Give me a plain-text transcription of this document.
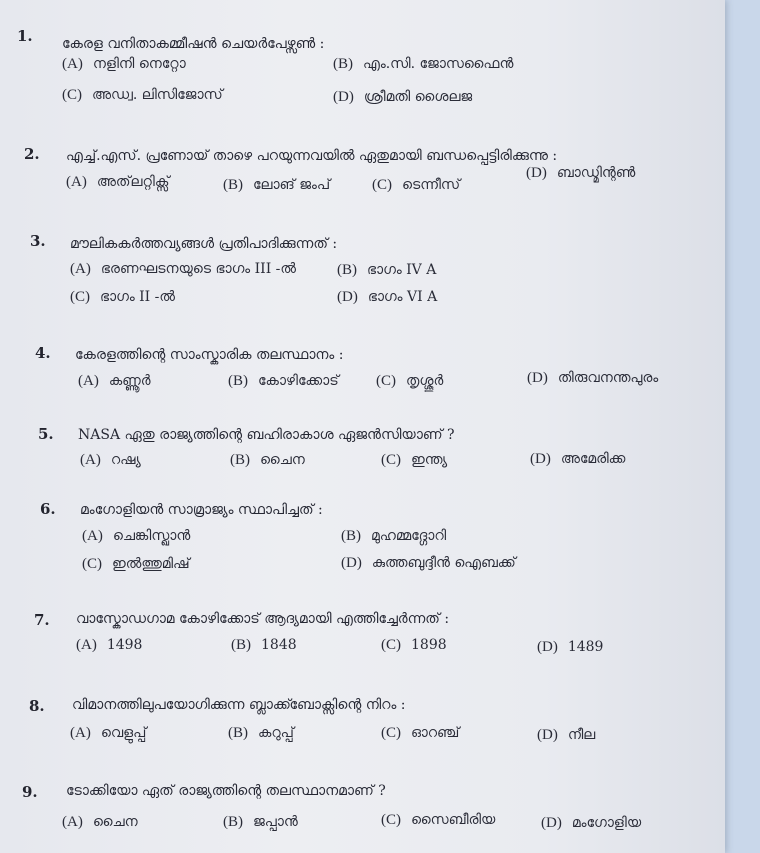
1. കേരള വനിതാകമ്മീഷൻ ചെയർപേഴ്സൺ :
(A) നളിനി നെറ്റോ	(B) എം.സി. ജോസഫൈൻ
(C) അഡ്വ. ലിസിജോസ്	(D) ശ്രീമതി ശൈലജ
2. എച്ച്.എസ്. പ്രണോയ് താഴെ പറയുന്നവയിൽ ഏതുമായി ബന്ധപ്പെട്ടിരിക്കുന്നു :
(A) അത്‌ലറ്റിക്സ്	(B) ലോങ് ജംപ്	(C) ടെന്നീസ്
(D) ബാഡ്മിന്റൺ
3. മൗലികകർത്തവ്യങ്ങൾ പ്രതിപാദിക്കുന്നത് :
(A) ഭരണഘടനയുടെ ഭാഗം III -ൽ	(B) ഭാഗം IV A
(C) ഭാഗം II -ൽ	(D) ഭാഗം VI A
4. കേരളത്തിന്റെ സാംസ്കാരിക തലസ്ഥാനം :
(A) കണ്ണൂർ	(B) കോഴിക്കോട് (C) തൃശ്ശൂർ	(D) തിരുവനന്തപുരം
5. NASA ഏതു രാജ്യത്തിന്റെ ബഹിരാകാശ ഏജൻസിയാണ് ?
(A) റഷ്യ	(B) ചൈന	(C) ഇന്ത്യ	(D) അമേരിക്ക
6. മംഗോളിയൻ സാമ്രാജ്യം സ്ഥാപിച്ചത് :
(A) ചെങ്കിസ്ഖാൻ	(B) മുഹമ്മദ്ഗോറി
(C) ഇൽത്തുമിഷ്	(D) കുത്തബുദ്ദീൻ ഐബക്ക്
7. വാസ്കോഡഗാമ കോഴിക്കോട് ആദ്യമായി എത്തിച്ചേർന്നത് :
(A) 1498	(B) 1848	(C) 1898	(D) 1489
8. വിമാനത്തിലുപയോഗിക്കുന്ന ബ്ലാക്ക്ബോക്സിന്റെ നിറം :
(A) വെളുപ്പ്	(B) കറുപ്പ്	(C) ഓറഞ്ച്	(D) നീല
9. ടോക്കിയോ ഏത് രാജ്യത്തിന്റെ തലസ്ഥാനമാണ് ?
(A) ചൈന	(B) ജപ്പാൻ	(C) സൈബീരിയ	(D) മംഗോളിയ
